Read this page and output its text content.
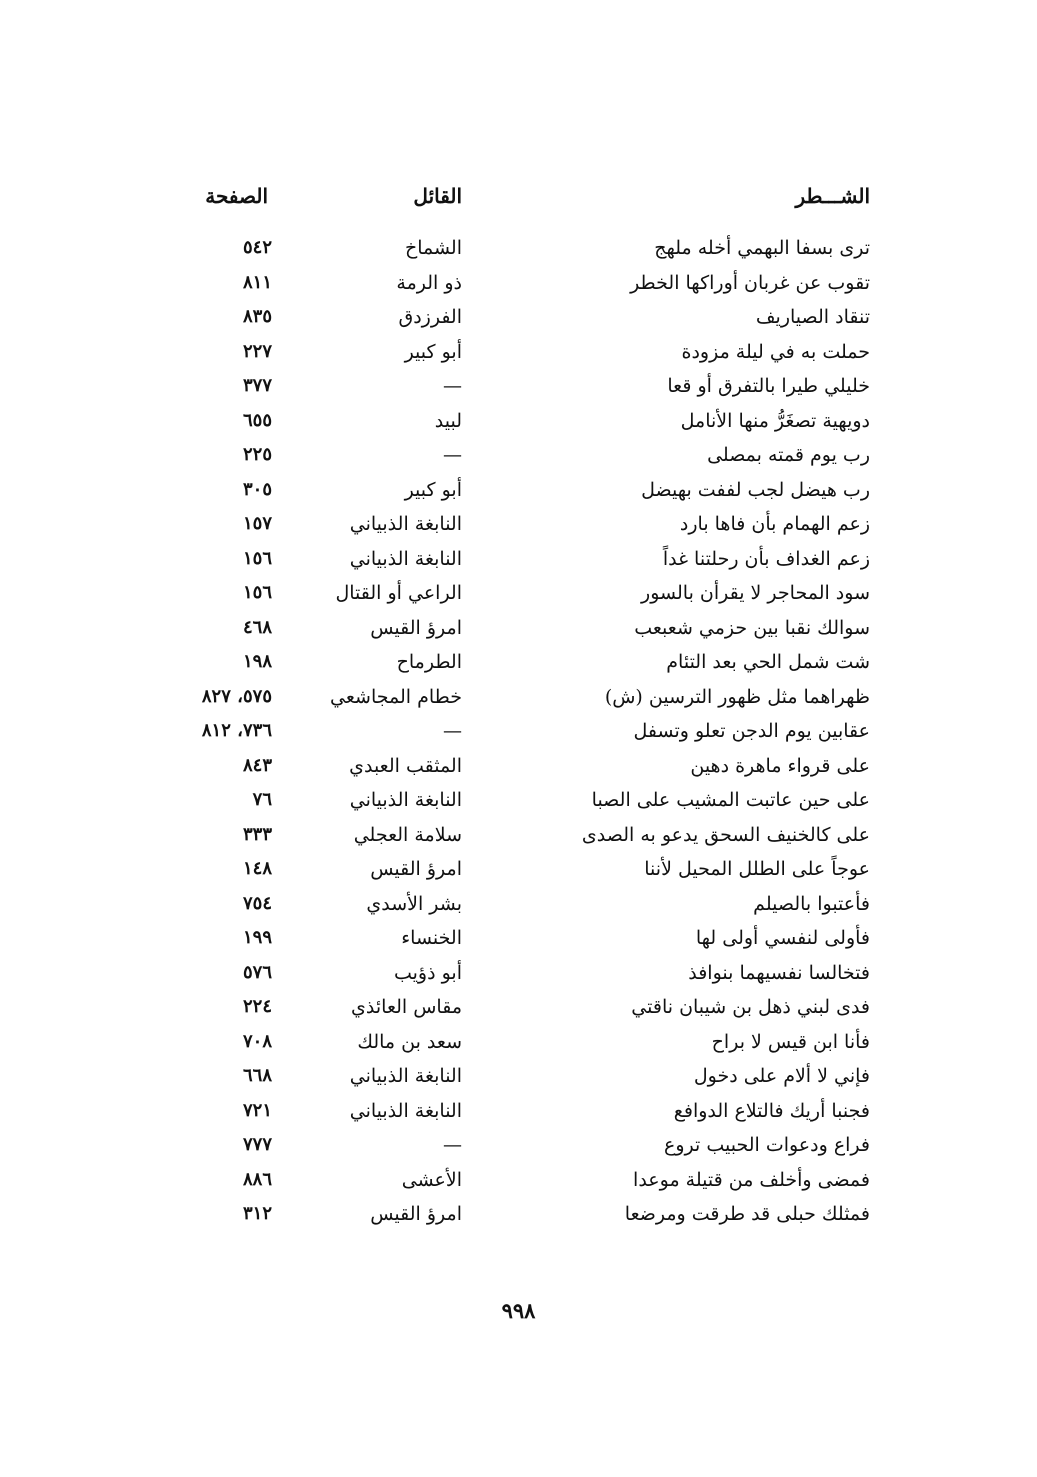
الشـــطر
القائل
الصفحة
ترى بسفا البهمي أخله ملهج
الشماخ
٥٤٢
تقوب عن غربان أوراكها الخطر
ذو الرمة
٨١١
تنقاد الصياريف
الفرزدق
٨٣٥
حملت به في ليلة مزودة
أبو كبير
٢٢٧
خليلي طيرا بالتفرق أو قعا
—
٣٧٧
دويهية تصغَرُّ منها الأنامل
لبيد
٦٥٥
رب يوم قمته بمصلى
—
٢٢٥
رب هيضل لجب لففت بهيضل
أبو كبير
٣٠٥
زعم الهمام بأن فاها بارد
النابغة الذبياني
١٥٧
زعم الغداف بأن رحلتنا غداً
النابغة الذبياني
١٥٦
سود المحاجر لا يقرأن بالسور
الراعي أو القتال
١٥٦
سوالك نقبا بين حزمي شعبعب
امرؤ القيس
٤٦٨
شت شمل الحي بعد التئام
الطرماح
١٩٨
ظهراهما مثل ظهور الترسين (ش)
خطام المجاشعي
٥٧٥، ٨٢٧
عقابين يوم الدجن تعلو وتسفل
—
٧٣٦، ٨١٢
على قرواء ماهرة دهين
المثقب العبدي
٨٤٣
على حين عاتبت المشيب على الصبا
النابغة الذبياني
٧٦
على كالخنيف السحق يدعو به الصدى
سلامة العجلي
٣٣٣
عوجاً على الطلل المحيل لأننا
امرؤ القيس
١٤٨
فأعتبوا بالصيلم
بشر الأسدي
٧٥٤
فأولى لنفسي أولى لها
الخنساء
١٩٩
فتخالسا نفسيهما بنوافذ
أبو ذؤيب
٥٧٦
فدى لبني ذهل بن شيبان ناقتي
مقاس العائذي
٢٢٤
فأنا ابن قيس لا براح
سعد بن مالك
٧٠٨
فإني لا ألام على دخول
النابغة الذبياني
٦٦٨
فجنبا أريك فالتلاع الدوافع
النابغة الذبياني
٧٢١
فراع ودعوات الحبيب تروع
—
٧٧٧
فمضى وأخلف من قتيلة موعدا
الأعشى
٨٨٦
فمثلك حبلى قد طرقت ومرضعا
امرؤ القيس
٣١٢
٩٩٨
